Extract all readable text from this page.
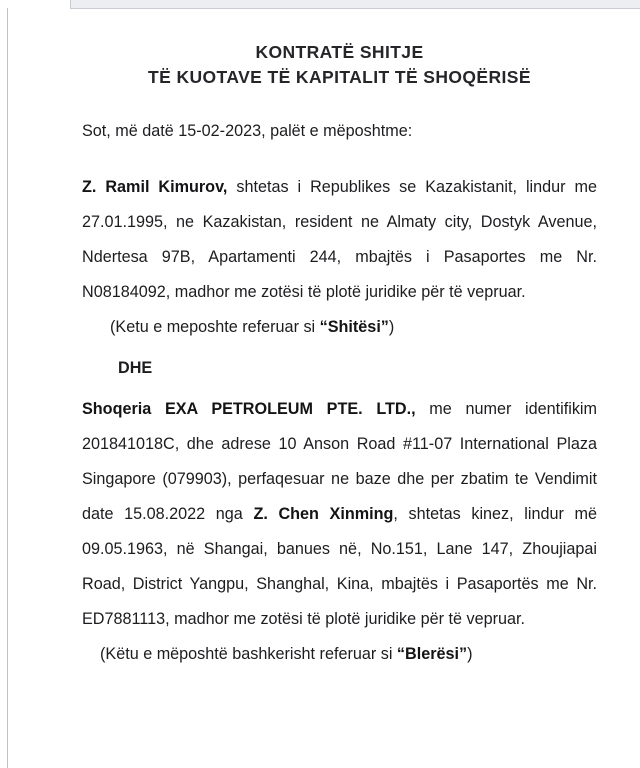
KONTRATË SHITJE
TË KUOTAVE TË KAPITALIT TË SHOQËRISË

Sot, më datë 15-02-2023, palët e mëposhtme:

Z. Ramil Kimurov, shtetas i Republikes se Kazakistanit, lindur me 27.01.1995, ne Kazakistan, resident ne Almaty city, Dostyk Avenue, Ndertesa 97B, Apartamenti 244, mbajtës i Pasaportes me Nr. N08184092, madhor me zotësi të plotë juridike për të vepruar.

(Ketu e meposhte referuar si “Shitësi”)

DHE

Shoqeria EXA PETROLEUM PTE. LTD., me numer identifikim 201841018C, dhe adrese 10 Anson Road #11-07 International Plaza Singapore (079903), perfaqesuar ne baze dhe per zbatim te Vendimit date 15.08.2022 nga Z. Chen Xinming, shtetas kinez, lindur më 09.05.1963, në Shangai, banues në, No.151, Lane 147, Zhoujiapai Road, District Yangpu, Shanghal, Kina, mbajtës i Pasaportës me Nr. ED7881113, madhor me zotësi të plotë juridike për të vepruar.

(Këtu e mëposhtë bashkerisht referuar si “Blerësi”)
